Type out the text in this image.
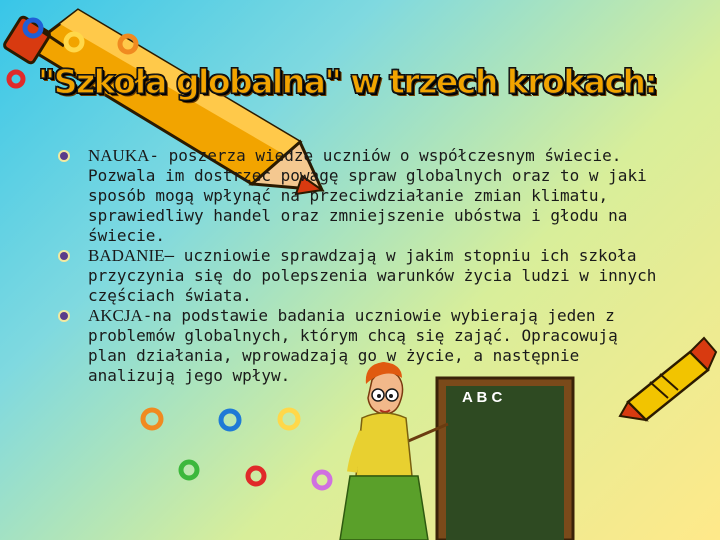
A B C
"Szkoła globalna" w trzech krokach:
NAUKA- poszerza wiedzę uczniów o współczesnym świecie. Pozwala im dostrzec powagę spraw globalnych oraz to w jaki sposób mogą wpłynąć na przeciwdziałanie zmian klimatu, sprawiedliwy handel oraz zmniejszenie ubóstwa i głodu na świecie.
BADANIE– uczniowie sprawdzają w jakim stopniu ich szkoła przyczynia się do polepszenia warunków życia ludzi w innych częściach świata.
AKCJA-na podstawie badania uczniowie wybierają jeden z problemów globalnych, którym chcą się zająć. Opracowują plan działania, wprowadzają go w życie, a następnie analizują jego wpływ.
